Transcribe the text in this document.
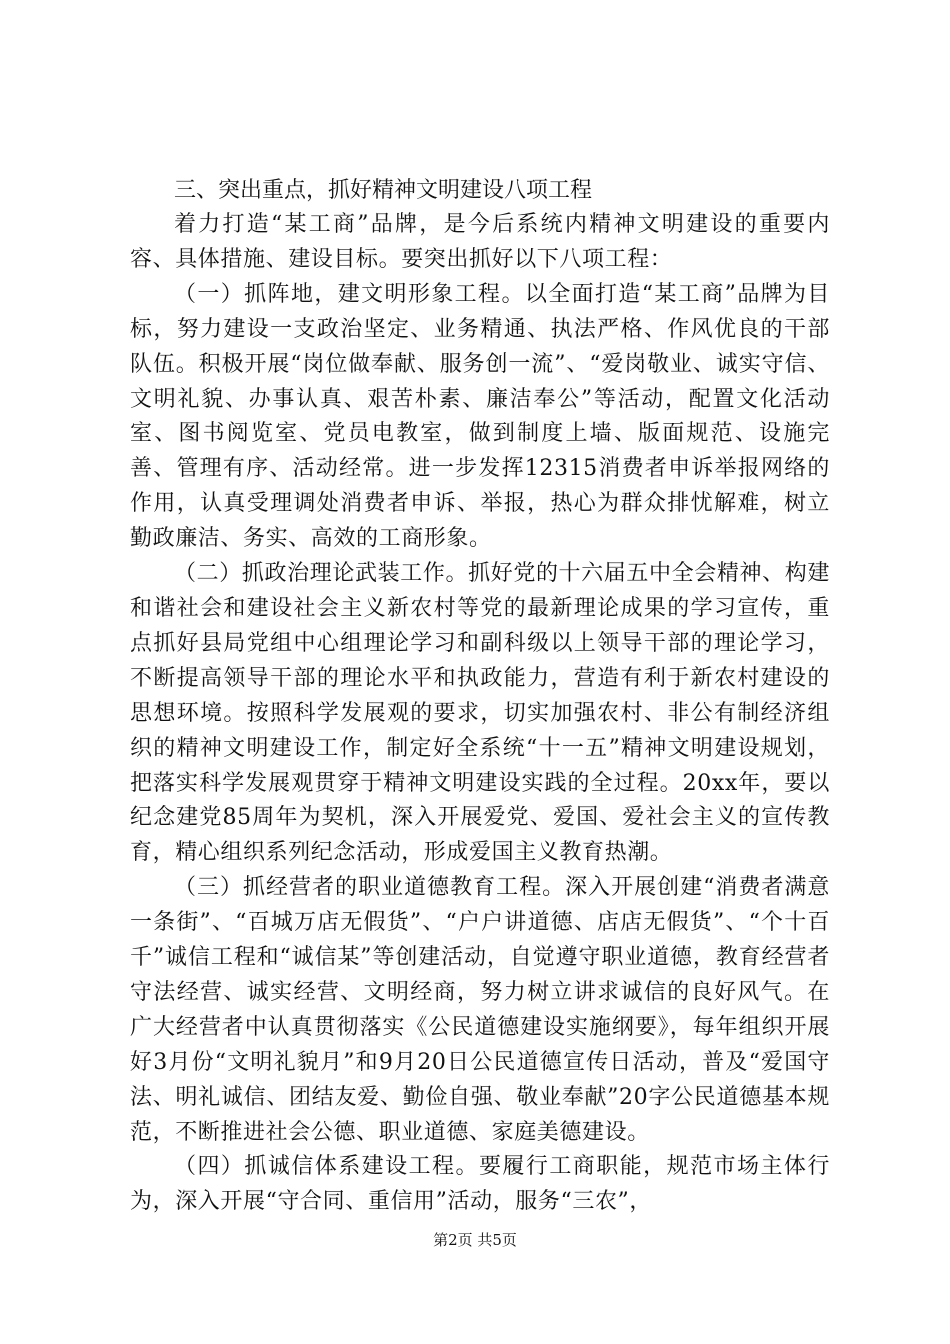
三、突出重点，抓好精神文明建设八项工程

着力打造“某工商”品牌，是今后系统内精神文明建设的重要内容、具体措施、建设目标。要突出抓好以下八项工程：

（一）抓阵地，建文明形象工程。以全面打造“某工商”品牌为目标，努力建设一支政治坚定、业务精通、执法严格、作风优良的干部队伍。积极开展“岗位做奉献、服务创一流”、“爱岗敬业、诚实守信、文明礼貌、办事认真、艰苦朴素、廉洁奉公”等活动，配置文化活动室、图书阅览室、党员电教室，做到制度上墙、版面规范、设施完善、管理有序、活动经常。进一步发挥12315消费者申诉举报网络的作用，认真受理调处消费者申诉、举报，热心为群众排忧解难，树立勤政廉洁、务实、高效的工商形象。

（二）抓政治理论武装工作。抓好党的十六届五中全会精神、构建和谐社会和建设社会主义新农村等党的最新理论成果的学习宣传，重点抓好县局党组中心组理论学习和副科级以上领导干部的理论学习，不断提高领导干部的理论水平和执政能力，营造有利于新农村建设的思想环境。按照科学发展观的要求，切实加强农村、非公有制经济组织的精神文明建设工作，制定好全系统“十一五”精神文明建设规划，把落实科学发展观贯穿于精神文明建设实践的全过程。20xx年，要以纪念建党85周年为契机，深入开展爱党、爱国、爱社会主义的宣传教育，精心组织系列纪念活动，形成爱国主义教育热潮。

（三）抓经营者的职业道德教育工程。深入开展创建“消费者满意一条街”、“百城万店无假货”、“户户讲道德、店店无假货”、“个十百千”诚信工程和“诚信某”等创建活动，自觉遵守职业道德，教育经营者守法经营、诚实经营、文明经商，努力树立讲求诚信的良好风气。在广大经营者中认真贯彻落实《公民道德建设实施纲要》，每年组织开展好3月份“文明礼貌月”和9月20日公民道德宣传日活动，普及“爱国守法、明礼诚信、团结友爱、勤俭自强、敬业奉献”20字公民道德基本规范，不断推进社会公德、职业道德、家庭美德建设。

（四）抓诚信体系建设工程。要履行工商职能，规范市场主体行为，深入开展“守合同、重信用”活动，服务“三农”，

第2页 共5页
